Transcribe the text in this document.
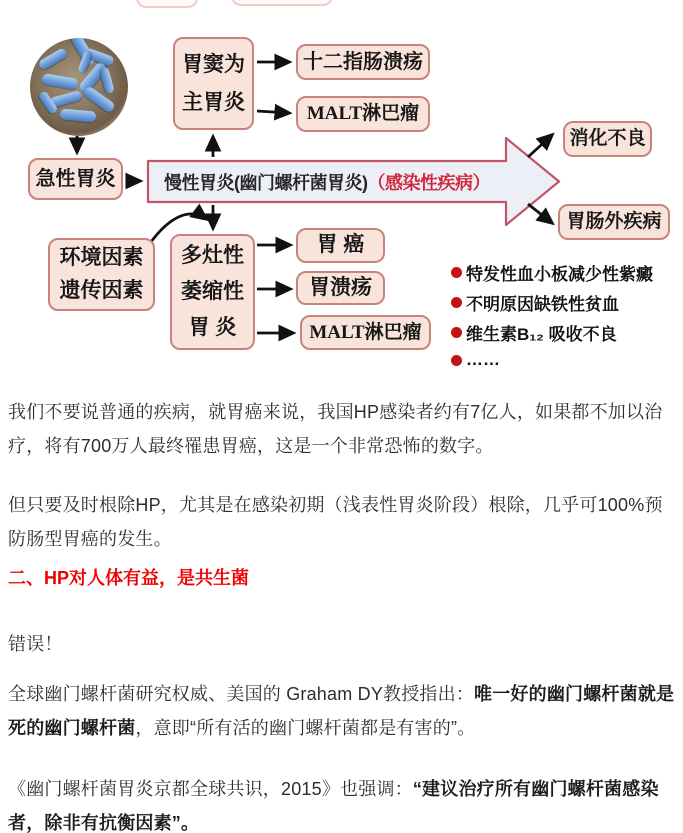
急性胃炎
胃窦为
主胃炎
十二指肠溃疡
MALT淋巴瘤
慢性胃炎(幽门螺杆菌胃炎) （感染性疾病）
消化不良
胃肠外疾病
环境因素
遗传因素
多灶性
萎缩性
胃 炎
胃 癌
胃溃疡
MALT淋巴瘤
特发性血小板减少性紫癜
不明原因缺铁性贫血
维生素B₁₂ 吸收不良
……

我们不要说普通的疾病，就胃癌来说，我国HP感染者约有7亿人，如果都不加以治疗，将有700万人最终罹患胃癌，这是一个非常恐怖的数字。

但只要及时根除HP，尤其是在感染初期（浅表性胃炎阶段）根除，几乎可100%预防肠型胃癌的发生。

二、HP对人体有益，是共生菌

错误！

全球幽门螺杆菌研究权威、美国的 Graham DY教授指出：唯一好的幽门螺杆菌就是死的幽门螺杆菌，意即“所有活的幽门螺杆菌都是有害的”。

《幽门螺杆菌胃炎京都全球共识，2015》也强调：“建议治疗所有幽门螺杆菌感染者，除非有抗衡因素”。
